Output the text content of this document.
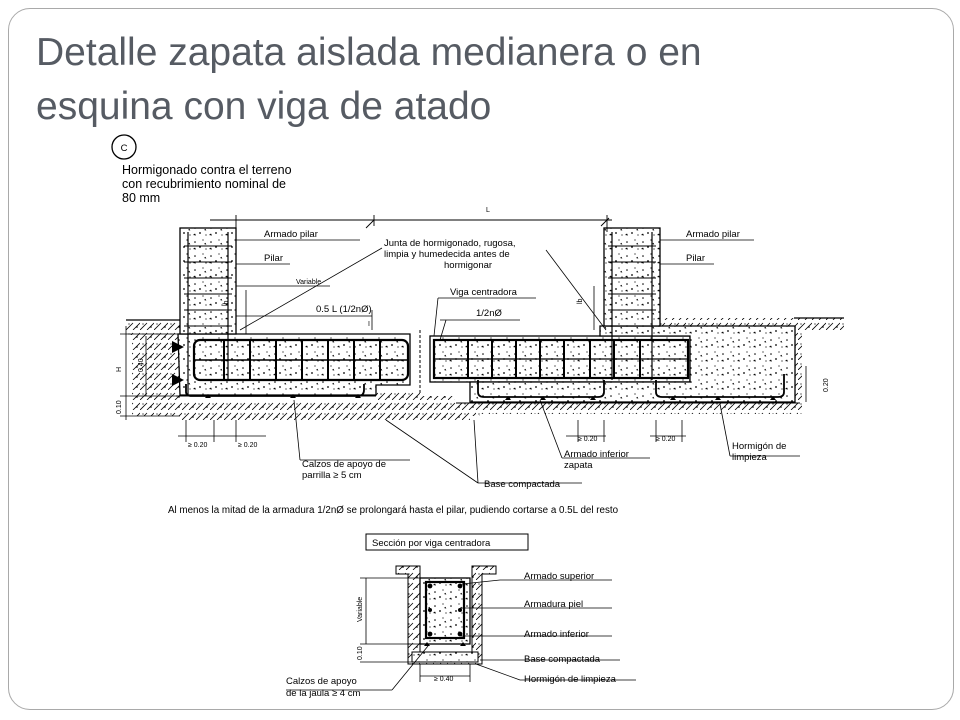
Detalle zapata aislada medianera o en
esquina con viga de atado
C
Hormigonado contra el terreno
con recubrimiento nominal de
80 mm
L
Armado pilar
Pilar
Variable
lb
0.5 L (1/2nØ)
I
Junta de hormigonado, rugosa,
limpia y humedecida antes de
hormigonar
Viga centradora
1/2nØ
Armado pilar
Pilar
lb
H 0.40
0.10
0.20
≥ 0.20	≥ 0.20
≥ 0.20	≥ 0.20
Calzos de apoyo de
parrilla ≥ 5 cm
Base compactada
Armado inferior
zapata
Hormigón de
limpieza
Al menos la mitad de la armadura 1/2nØ se prolongará hasta el pilar, pudiendo cortarse a 0.5L del resto
Sección por viga centradora
Variable
0.10
≥ 0.40
Armado superior
Armadura piel
Armado inferior
Base compactada
Hormigón de limpieza
Calzos de apoyo
de la jaula ≥ 4 cm
